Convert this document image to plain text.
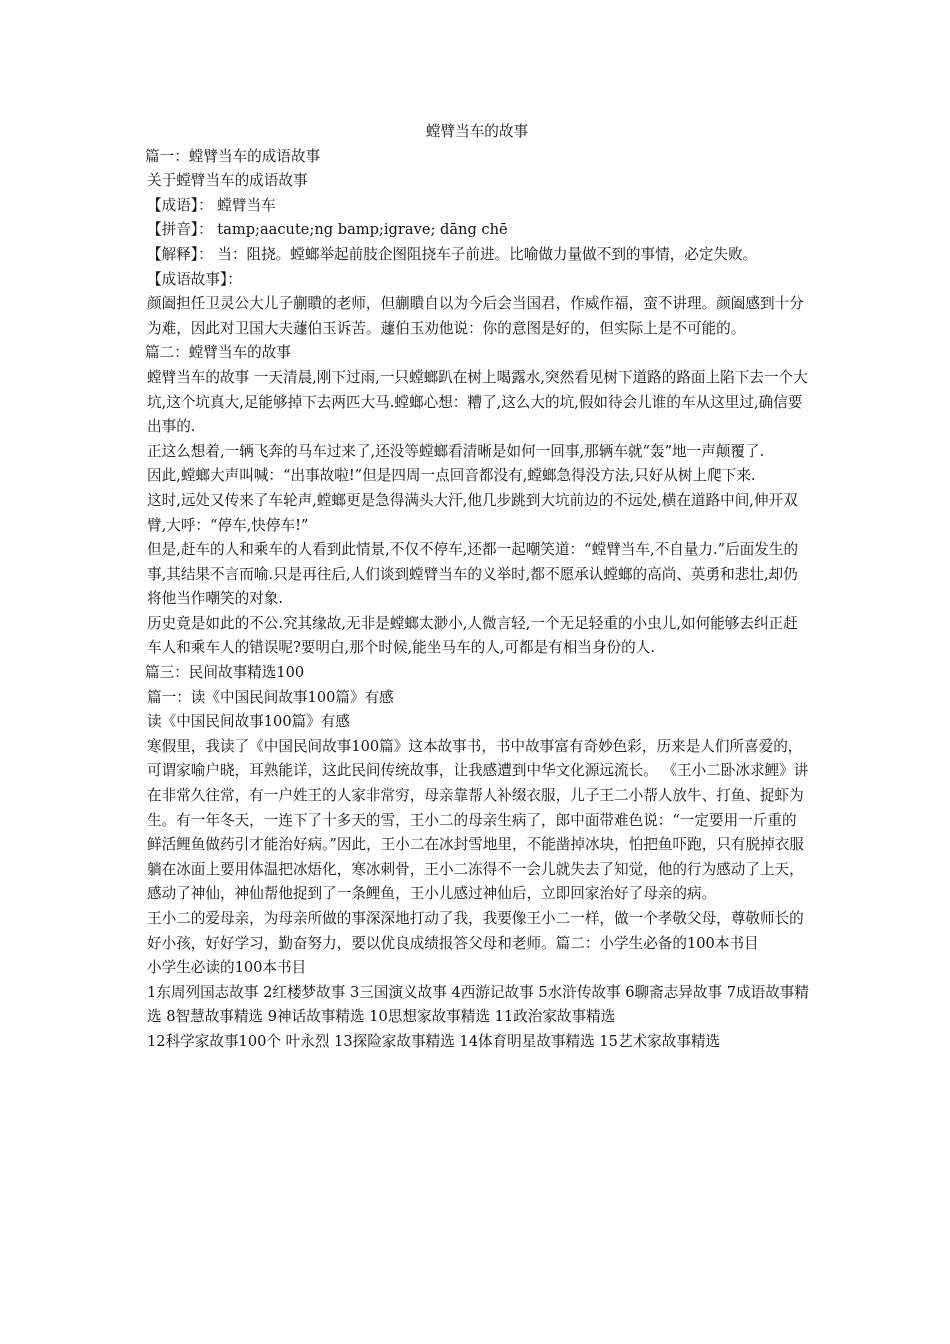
螳臂当车的故事

篇一：螳臂当车的成语故事

关于螳臂当车的成语故事

【成语】： 螳臂当车

【拼音】： tamp;aacute;ng bamp;igrave; dāng chē

【解释】： 当：阻挠。螳螂举起前肢企图阻挠车子前进。比喻做力量做不到的事情，必定失败。

【成语故事】：

颜阖担任卫灵公大儿子蒯瞶的老师，但蒯瞶自以为今后会当国君，作威作福，蛮不讲理。颜阖感到十分为难，因此对卫国大夫蘧伯玉诉苦。蘧伯玉劝他说：你的意图是好的，但实际上是不可能的。

篇二：螳臂当车的故事

螳臂当车的故事 一天清晨,刚下过雨,一只螳螂趴在树上喝露水,突然看见树下道路的路面上陷下去一个大坑,这个坑真大,足能够掉下去两匹大马.螳螂心想：糟了,这么大的坑,假如待会儿谁的车从这里过,确信要出事的.

正这么想着,一辆飞奔的马车过来了,还没等螳螂看清晰是如何一回事,那辆车就“轰”地一声颠覆了.

因此,螳螂大声叫喊：“出事故啦!”但是四周一点回音都没有,螳螂急得没方法,只好从树上爬下来.

这时,远处又传来了车轮声,螳螂更是急得满头大汗,他几步跳到大坑前边的不远处,横在道路中间,伸开双臂,大呼：“停车,快停车!”

但是,赶车的人和乘车的人看到此情景,不仅不停车,还都一起嘲笑道：“螳臂当车,不自量力.”后面发生的事,其结果不言而喻.只是再往后,人们谈到螳臂当车的义举时,都不愿承认螳螂的高尚、英勇和悲壮,却仍将他当作嘲笑的对象.

历史竟是如此的不公.究其缘故,无非是螳螂太渺小,人微言轻,一个无足轻重的小虫儿,如何能够去纠正赶车人和乘车人的错误呢?要明白,那个时候,能坐马车的人,可都是有相当身份的人.

篇三：民间故事精选100

篇一：读《中国民间故事100篇》有感

读《中国民间故事100篇》有感

寒假里，我读了《中国民间故事100篇》这本故事书，书中故事富有奇妙色彩，历来是人们所喜爱的，可谓家喻户晓，耳熟能详，这此民间传统故事，让我感遭到中华文化源远流长。 《王小二卧冰求鲤》讲在非常久往常，有一户姓王的人家非常穷，母亲靠帮人补缀衣服，儿子王二小帮人放牛、打鱼、捉虾为生。有一年冬天，一连下了十多天的雪，王小二的母亲生病了，郎中面带难色说：“一定要用一斤重的鲜活鲤鱼做药引才能治好病。”因此，王小二在冰封雪地里，不能凿掉冰块，怕把鱼吓跑，只有脱掉衣服躺在冰面上要用体温把冰焐化，寒冰刺骨，王小二冻得不一会儿就失去了知觉，他的行为感动了上天，感动了神仙，神仙帮他捉到了一条鲤鱼，王小儿感过神仙后，立即回家治好了母亲的病。

王小二的爱母亲，为母亲所做的事深深地打动了我，我要像王小二一样，做一个孝敬父母，尊敬师长的好小孩，好好学习，勤奋努力，要以优良成绩报答父母和老师。篇二：小学生必备的100本书目

小学生必读的100本书目

1东周列国志故事 2红楼梦故事 3三国演义故事 4西游记故事 5水浒传故事 6聊斋志异故事 7成语故事精选 8智慧故事精选 9神话故事精选 10思想家故事精选 11政治家故事精选

12科学家故事100个 叶永烈 13探险家故事精选 14体育明星故事精选 15艺术家故事精选
